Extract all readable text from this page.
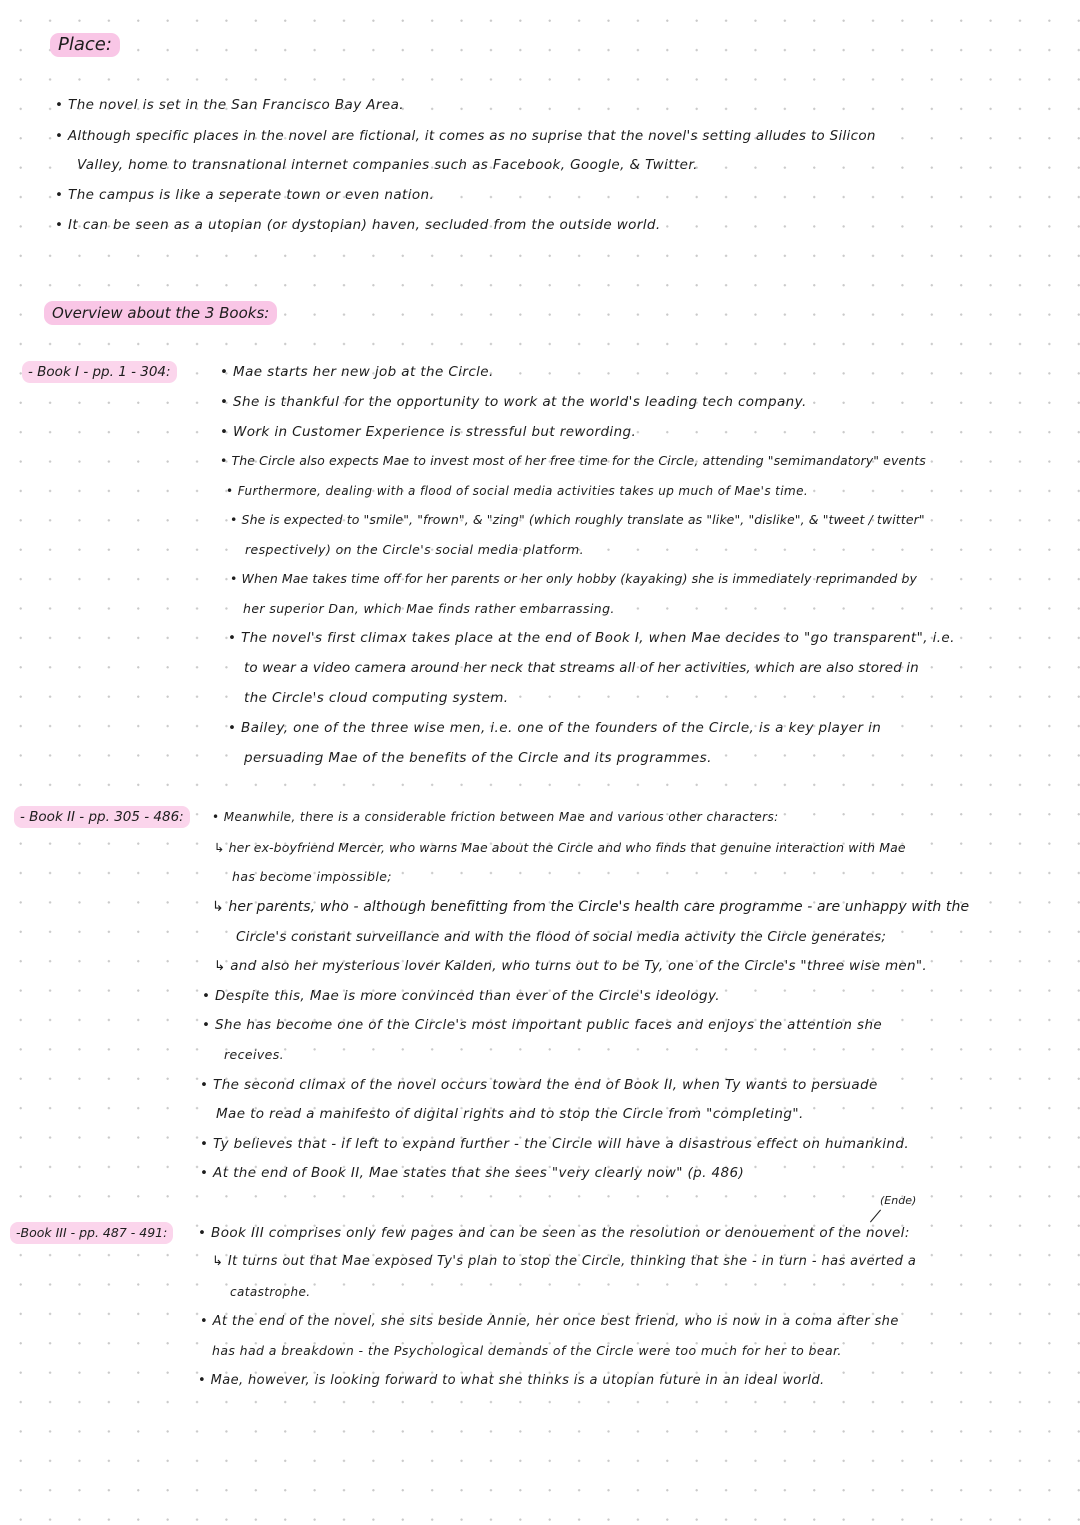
Place:
• The novel is set in the San Francisco Bay Area.
• Although specific places in the novel are fictional, it comes as no suprise that the novel's setting alludes to Silicon
Valley, home to transnational internet companies such as Facebook, Google, & Twitter.
• The campus is like a seperate town or even nation.
• It can be seen as a utopian (or dystopian) haven, secluded from the outside world.
Overview about the 3 Books:
- Book I - pp. 1 - 304:	• Mae starts her new job at the Circle.
• She is thankful for the opportunity to work at the world's leading tech company.
• Work in Customer Experience is stressful but rewording.
• The Circle also expects Mae to invest most of her free time for the Circle, attending "semimandatory" events
• Furthermore, dealing with a flood of social media activities takes up much of Mae's time.
• She is expected to "smile", "frown", & "zing" (which roughly translate as "like", "dislike", & "tweet / twitter"
respectively) on the Circle's social media platform.
• When Mae takes time off for her parents or her only hobby (kayaking) she is immediately reprimanded by
her superior Dan, which Mae finds rather embarrassing.
• The novel's first climax takes place at the end of Book I, when Mae decides to "go transparent", i.e.
to wear a video camera around her neck that streams all of her activities, which are also stored in
the Circle's cloud computing system.
• Bailey, one of the three wise men, i.e. one of the founders of the Circle, is a key player in
persuading Mae of the benefits of the Circle and its programmes.
- Book II - pp. 305 - 486:	• Meanwhile, there is a considerable friction between Mae and various other characters:
↳ her ex-boyfriend Mercer, who warns Mae about the Circle and who finds that genuine interaction with Mae
has become impossible;
↳ her parents, who - although benefitting from the Circle's health care programme - are unhappy with the
Circle's constant surveillance and with the flood of social media activity the Circle generates;
↳ and also her mysterious lover Kalden, who turns out to be Ty, one of the Circle's "three wise men".
• Despite this, Mae is more convinced than ever of the Circle's ideology.
• She has become one of the Circle's most important public faces and enjoys the attention she
receives.
• The second climax of the novel occurs toward the end of Book II, when Ty wants to persuade
Mae to read a manifesto of digital rights and to stop the Circle from "completing".
• Ty believes that - if left to expand further - the Circle will have a disastrous effect on humankind.
• At the end of Book II, Mae states that she sees "very clearly now" (p. 486)
(Ende)
-Book III - pp. 487 - 491:	• Book III comprises only few pages and can be seen as the resolution or denouement of the novel:
↳ It turns out that Mae exposed Ty's plan to stop the Circle, thinking that she - in turn - has averted a
catastrophe.
• At the end of the novel, she sits beside Annie, her once best friend, who is now in a coma after she
has had a breakdown - the Psychological demands of the Circle were too much for her to bear.
• Mae, however, is looking forward to what she thinks is a utopian future in an ideal world.
